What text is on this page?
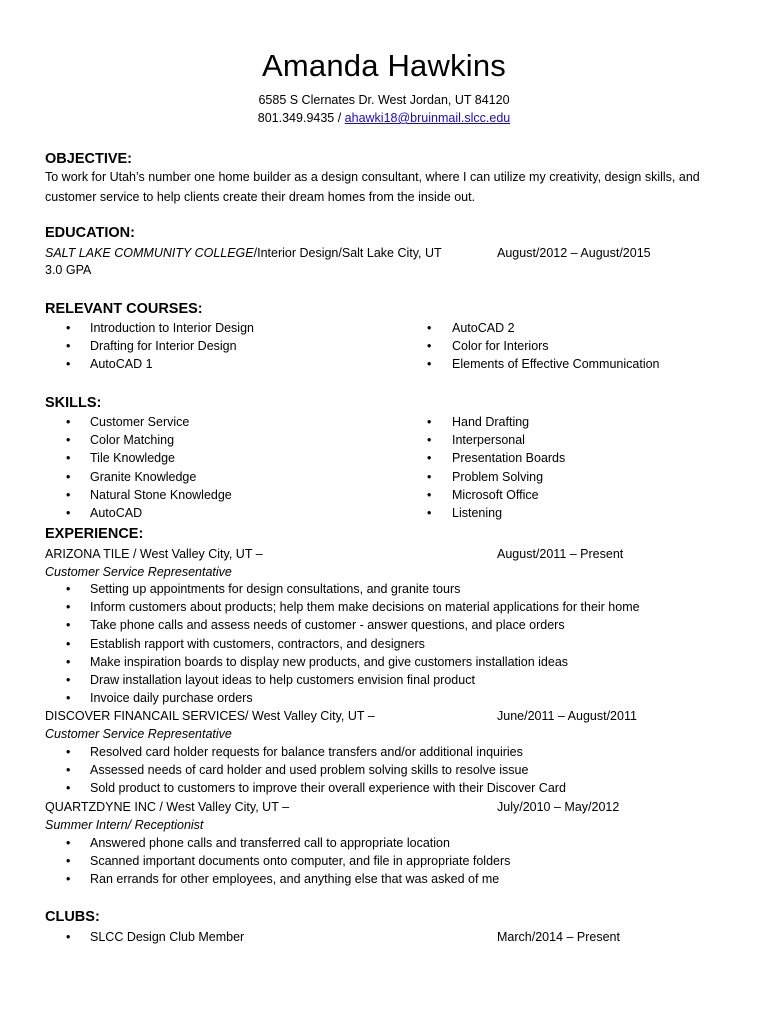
Amanda Hawkins
6585 S Clernates Dr. West Jordan, UT 84120
801.349.9435 / ahawki18@bruinmail.slcc.edu
OBJECTIVE:
To work for Utah’s number one home builder as a design consultant, where I can utilize my creativity, design skills, and
customer service to help clients create their dream homes from the inside out.
EDUCATION:
SALT LAKE COMMUNITY COLLEGE/Interior Design/Salt Lake City, UT	August/2012 – August/2015
3.0 GPA
RELEVANT COURSES:
• Introduction to Interior Design
• Drafting for Interior Design
• AutoCAD 1
• AutoCAD 2
• Color for Interiors
• Elements of Effective Communication
SKILLS:
• Customer Service
• Color Matching
• Tile Knowledge
• Granite Knowledge
• Natural Stone Knowledge
• AutoCAD
• Hand Drafting
• Interpersonal
• Presentation Boards
• Problem Solving
• Microsoft Office
• Listening
EXPERIENCE:
ARIZONA TILE / West Valley City, UT –	August/2011 – Present
Customer Service Representative
• Setting up appointments for design consultations, and granite tours
• Inform customers about products; help them make decisions on material applications for their home
• Take phone calls and assess needs of customer - answer questions, and place orders
• Establish rapport with customers, contractors, and designers
• Make inspiration boards to display new products, and give customers installation ideas
• Draw installation layout ideas to help customers envision final product
• Invoice daily purchase orders
DISCOVER FINANCAIL SERVICES/ West Valley City, UT –	June/2011 – August/2011
Customer Service Representative
• Resolved card holder requests for balance transfers and/or additional inquiries
• Assessed needs of card holder and used problem solving skills to resolve issue
• Sold product to customers to improve their overall experience with their Discover Card
QUARTZDYNE INC / West Valley City, UT –	July/2010 – May/2012
Summer Intern/ Receptionist
• Answered phone calls and transferred call to appropriate location
• Scanned important documents onto computer, and file in appropriate folders
• Ran errands for other employees, and anything else that was asked of me
CLUBS:
• SLCC Design Club Member	March/2014 – Present
